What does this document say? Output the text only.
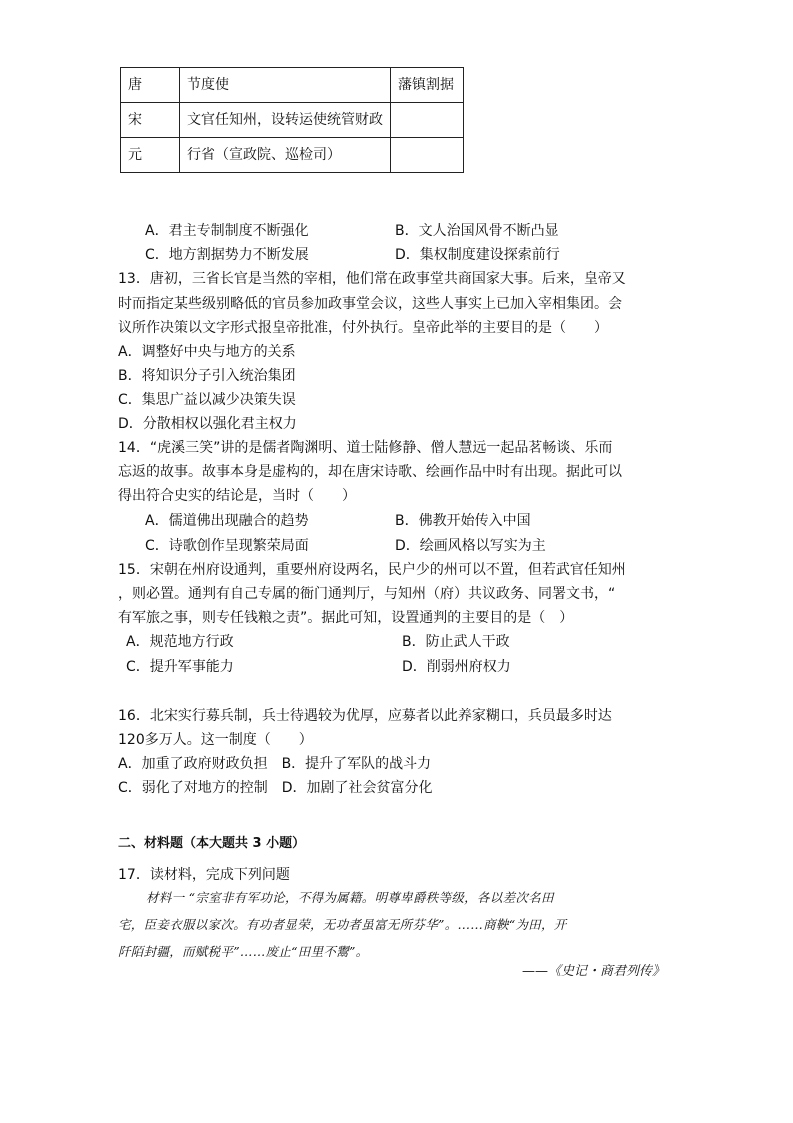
唐	节度使	藩镇割据
宋	文官任知州，设转运使统管财政	
元	行省（宣政院、巡检司）	
A．君主专制制度不断强化	B．文人治国风骨不断凸显
C．地方割据势力不断发展	D．集权制度建设探索前行
13．唐初，三省长官是当然的宰相，他们常在政事堂共商国家大事。后来，皇帝又
时而指定某些级别略低的官员参加政事堂会议，这些人事实上已加入宰相集团。会
议所作决策以文字形式报皇帝批准，付外执行。皇帝此举的主要目的是（　　）
A．调整好中央与地方的关系
B．将知识分子引入统治集团
C．集思广益以减少决策失误
D．分散相权以强化君主权力
14．“虎溪三笑”讲的是儒者陶渊明、道士陆修静、僧人慧远一起品茗畅谈、乐而
忘返的故事。故事本身是虚构的，却在唐宋诗歌、绘画作品中时有出现。据此可以
得出符合史实的结论是，当时（　　）
A．儒道佛出现融合的趋势	B．佛教开始传入中国
C．诗歌创作呈现繁荣局面	D．绘画风格以写实为主
15．宋朝在州府设通判，重要州府设两名，民户少的州可以不置，但若武官任知州
，则必置。通判有自己专属的衙门通判厅，与知州（府）共议政务、同署文书，“
有军旅之事，则专任钱粮之责”。据此可知，设置通判的主要目的是（　）
A．规范地方行政	B．防止武人干政
C．提升军事能力	D．削弱州府权力
16．北宋实行募兵制，兵士待遇较为优厚，应募者以此养家糊口，兵员最多时达
120多万人。这一制度（　　）
A．加重了政府财政负担　B．提升了军队的战斗力
C．弱化了对地方的控制　D．加剧了社会贫富分化
二、材料题（本大题共 3 小题）
17．读材料，完成下列问题
材料一 “宗室非有军功论，不得为属籍。明尊卑爵秩等级，各以差次名田
宅，臣妾衣服以家次。有功者显荣，无功者虽富无所芬华”。……商鞅“为田，开
阡陌封疆，而赋税平”……废止“田里不鬻”。
——《史记・商君列传》
